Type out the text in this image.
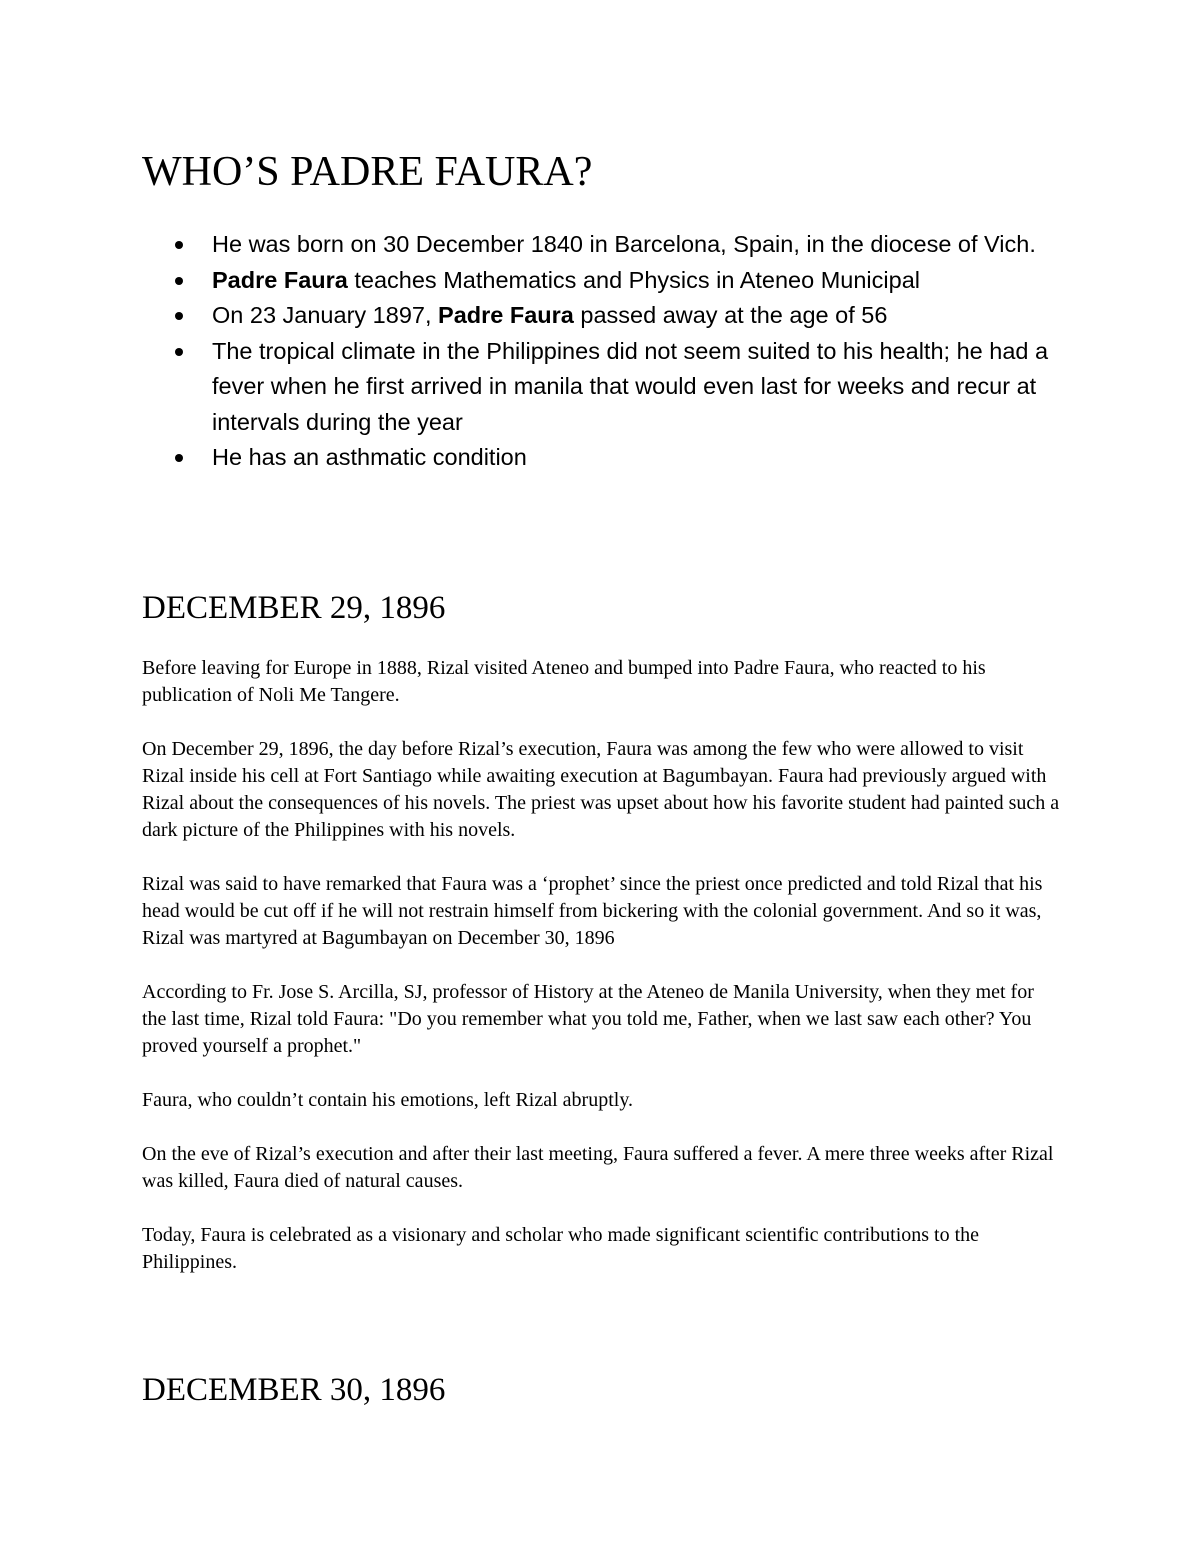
WHO’S PADRE FAURA?
He was born on 30 December 1840 in Barcelona, Spain, in the diocese of Vich.
Padre Faura teaches Mathematics and Physics in Ateneo Municipal
On 23 January 1897, Padre Faura passed away at the age of 56
The tropical climate in the Philippines did not seem suited to his health; he had a fever when he first arrived in manila that would even last for weeks and recur at intervals during the year
He has an asthmatic condition
DECEMBER 29, 1896

Before leaving for Europe in 1888, Rizal visited Ateneo and bumped into Padre Faura, who reacted to his publication of Noli Me Tangere.

On December 29, 1896, the day before Rizal’s execution, Faura was among the few who were allowed to visit Rizal inside his cell at Fort Santiago while awaiting execution at Bagumbayan. Faura had previously argued with Rizal about the consequences of his novels. The priest was upset about how his favorite student had painted such a dark picture of the Philippines with his novels.

Rizal was said to have remarked that Faura was a ‘prophet’ since the priest once predicted and told Rizal that his head would be cut off if he will not restrain himself from bickering with the colonial government. And so it was, Rizal was martyred at Bagumbayan on December 30, 1896

According to Fr. Jose S. Arcilla, SJ, professor of History at the Ateneo de Manila University, when they met for the last time, Rizal told Faura: "Do you remember what you told me, Father, when we last saw each other? You proved yourself a prophet."

Faura, who couldn’t contain his emotions, left Rizal abruptly.

On the eve of Rizal’s execution and after their last meeting, Faura suffered a fever. A mere three weeks after Rizal was killed, Faura died of natural causes.

Today, Faura is celebrated as a visionary and scholar who made significant scientific contributions to the Philippines.

DECEMBER 30, 1896
